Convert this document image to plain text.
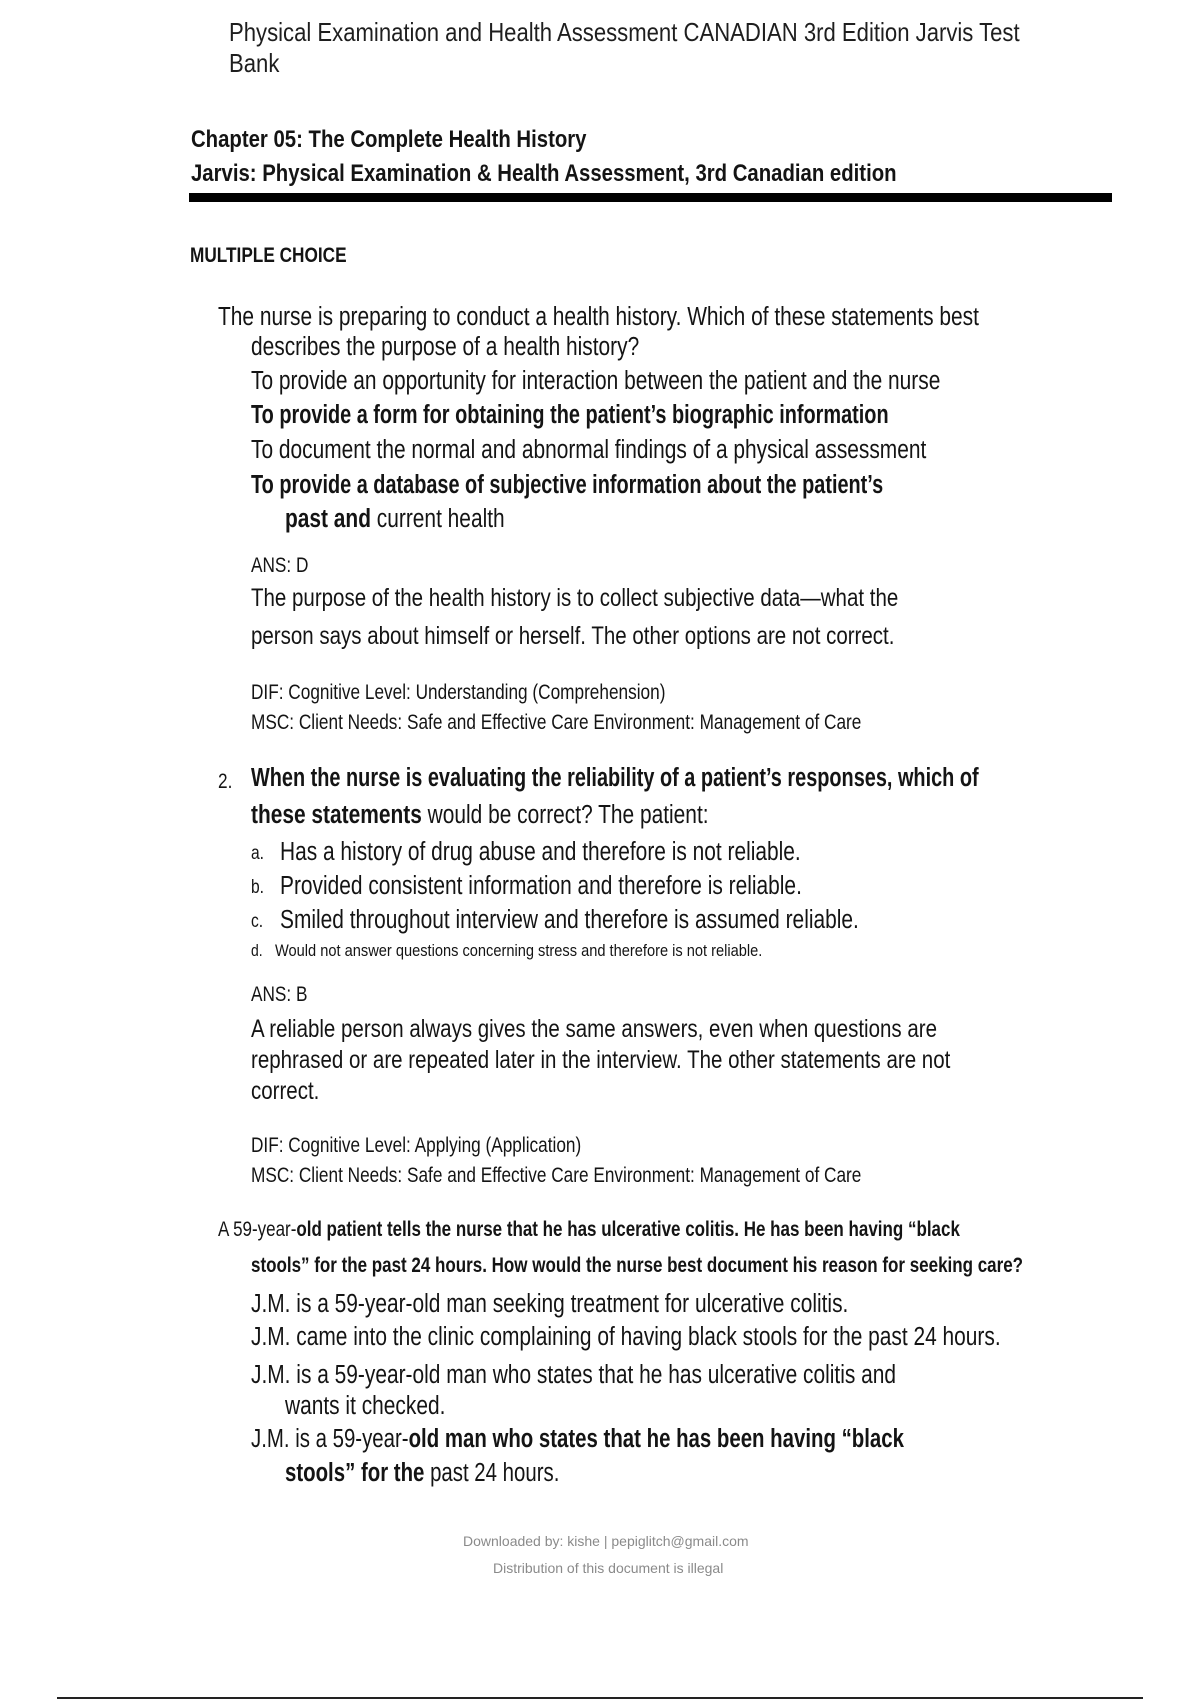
Physical Examination and Health Assessment CANADIAN 3rd Edition Jarvis Test
Bank
Chapter 05: The Complete Health History
Jarvis: Physical Examination & Health Assessment, 3rd Canadian edition
MULTIPLE CHOICE
The nurse is preparing to conduct a health history. Which of these statements best
describes the purpose of a health history?
To provide an opportunity for interaction between the patient and the nurse
To provide a form for obtaining the patient’s biographic information
To document the normal and abnormal findings of a physical assessment
To provide a database of subjective information about the patient’s
past and current health
ANS: D
The purpose of the health history is to collect subjective data—what the
person says about himself or herself. The other options are not correct.
DIF: Cognitive Level: Understanding (Comprehension)
MSC: Client Needs: Safe and Effective Care Environment: Management of Care
2. When the nurse is evaluating the reliability of a patient’s responses, which of
these statements would be correct? The patient:
a. Has a history of drug abuse and therefore is not reliable.
b. Provided consistent information and therefore is reliable.
c. Smiled throughout interview and therefore is assumed reliable.
d. Would not answer questions concerning stress and therefore is not reliable.
ANS: B
A reliable person always gives the same answers, even when questions are
rephrased or are repeated later in the interview. The other statements are not
correct.
DIF: Cognitive Level: Applying (Application)
MSC: Client Needs: Safe and Effective Care Environment: Management of Care
A 59-year-old patient tells the nurse that he has ulcerative colitis. He has been having “black
stools” for the past 24 hours. How would the nurse best document his reason for seeking care?
J.M. is a 59-year-old man seeking treatment for ulcerative colitis.
J.M. came into the clinic complaining of having black stools for the past 24 hours.
J.M. is a 59-year-old man who states that he has ulcerative colitis and
wants it checked.
J.M. is a 59-year-old man who states that he has been having “black
stools” for the past 24 hours.
Downloaded by: kishe | pepiglitch@gmail.com
Distribution of this document is illegal
